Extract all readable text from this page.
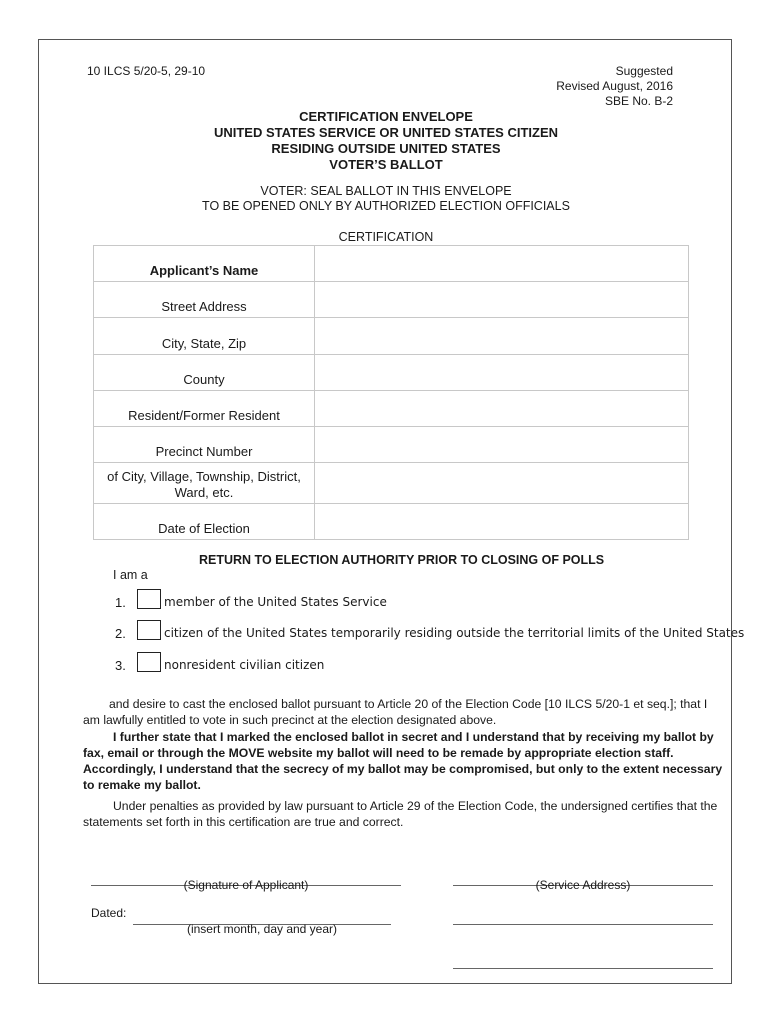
10 ILCS 5/20-5, 29-10	Suggested
Revised August, 2016
SBE No. B-2
CERTIFICATION ENVELOPE
UNITED STATES SERVICE OR UNITED STATES CITIZEN
RESIDING OUTSIDE UNITED STATES
VOTER’S BALLOT
VOTER: SEAL BALLOT IN THIS ENVELOPE
TO BE OPENED ONLY BY AUTHORIZED ELECTION OFFICIALS
CERTIFICATION
Applicant’s Name	
Street Address	
City, State, Zip	
County	
Resident/Former Resident	
Precinct Number	
of City, Village, Township, District, Ward, etc.	
Date of Election	
RETURN TO ELECTION AUTHORITY PRIOR TO CLOSING OF POLLS
I am a
1.	member of the United States Service
2.	citizen of the United States temporarily residing outside the territorial limits of the United States
3.	nonresident civilian citizen
and desire to cast the enclosed ballot pursuant to Article 20 of the Election Code [10 ILCS 5/20-1 et seq.]; that I am lawfully entitled to vote in such precinct at the election designated above.
I further state that I marked the enclosed ballot in secret and I understand that by receiving my ballot by fax, email or through the MOVE website my ballot will need to be remade by appropriate election staff. Accordingly, I understand that the secrecy of my ballot may be compromised, but only to the extent necessary to remake my ballot.
Under penalties as provided by law pursuant to Article 29 of the Election Code, the undersigned certifies that the statements set forth in this certification are true and correct.

(Signature of Applicant)
	(Service Address)
Dated:

(insert month, day and year)
